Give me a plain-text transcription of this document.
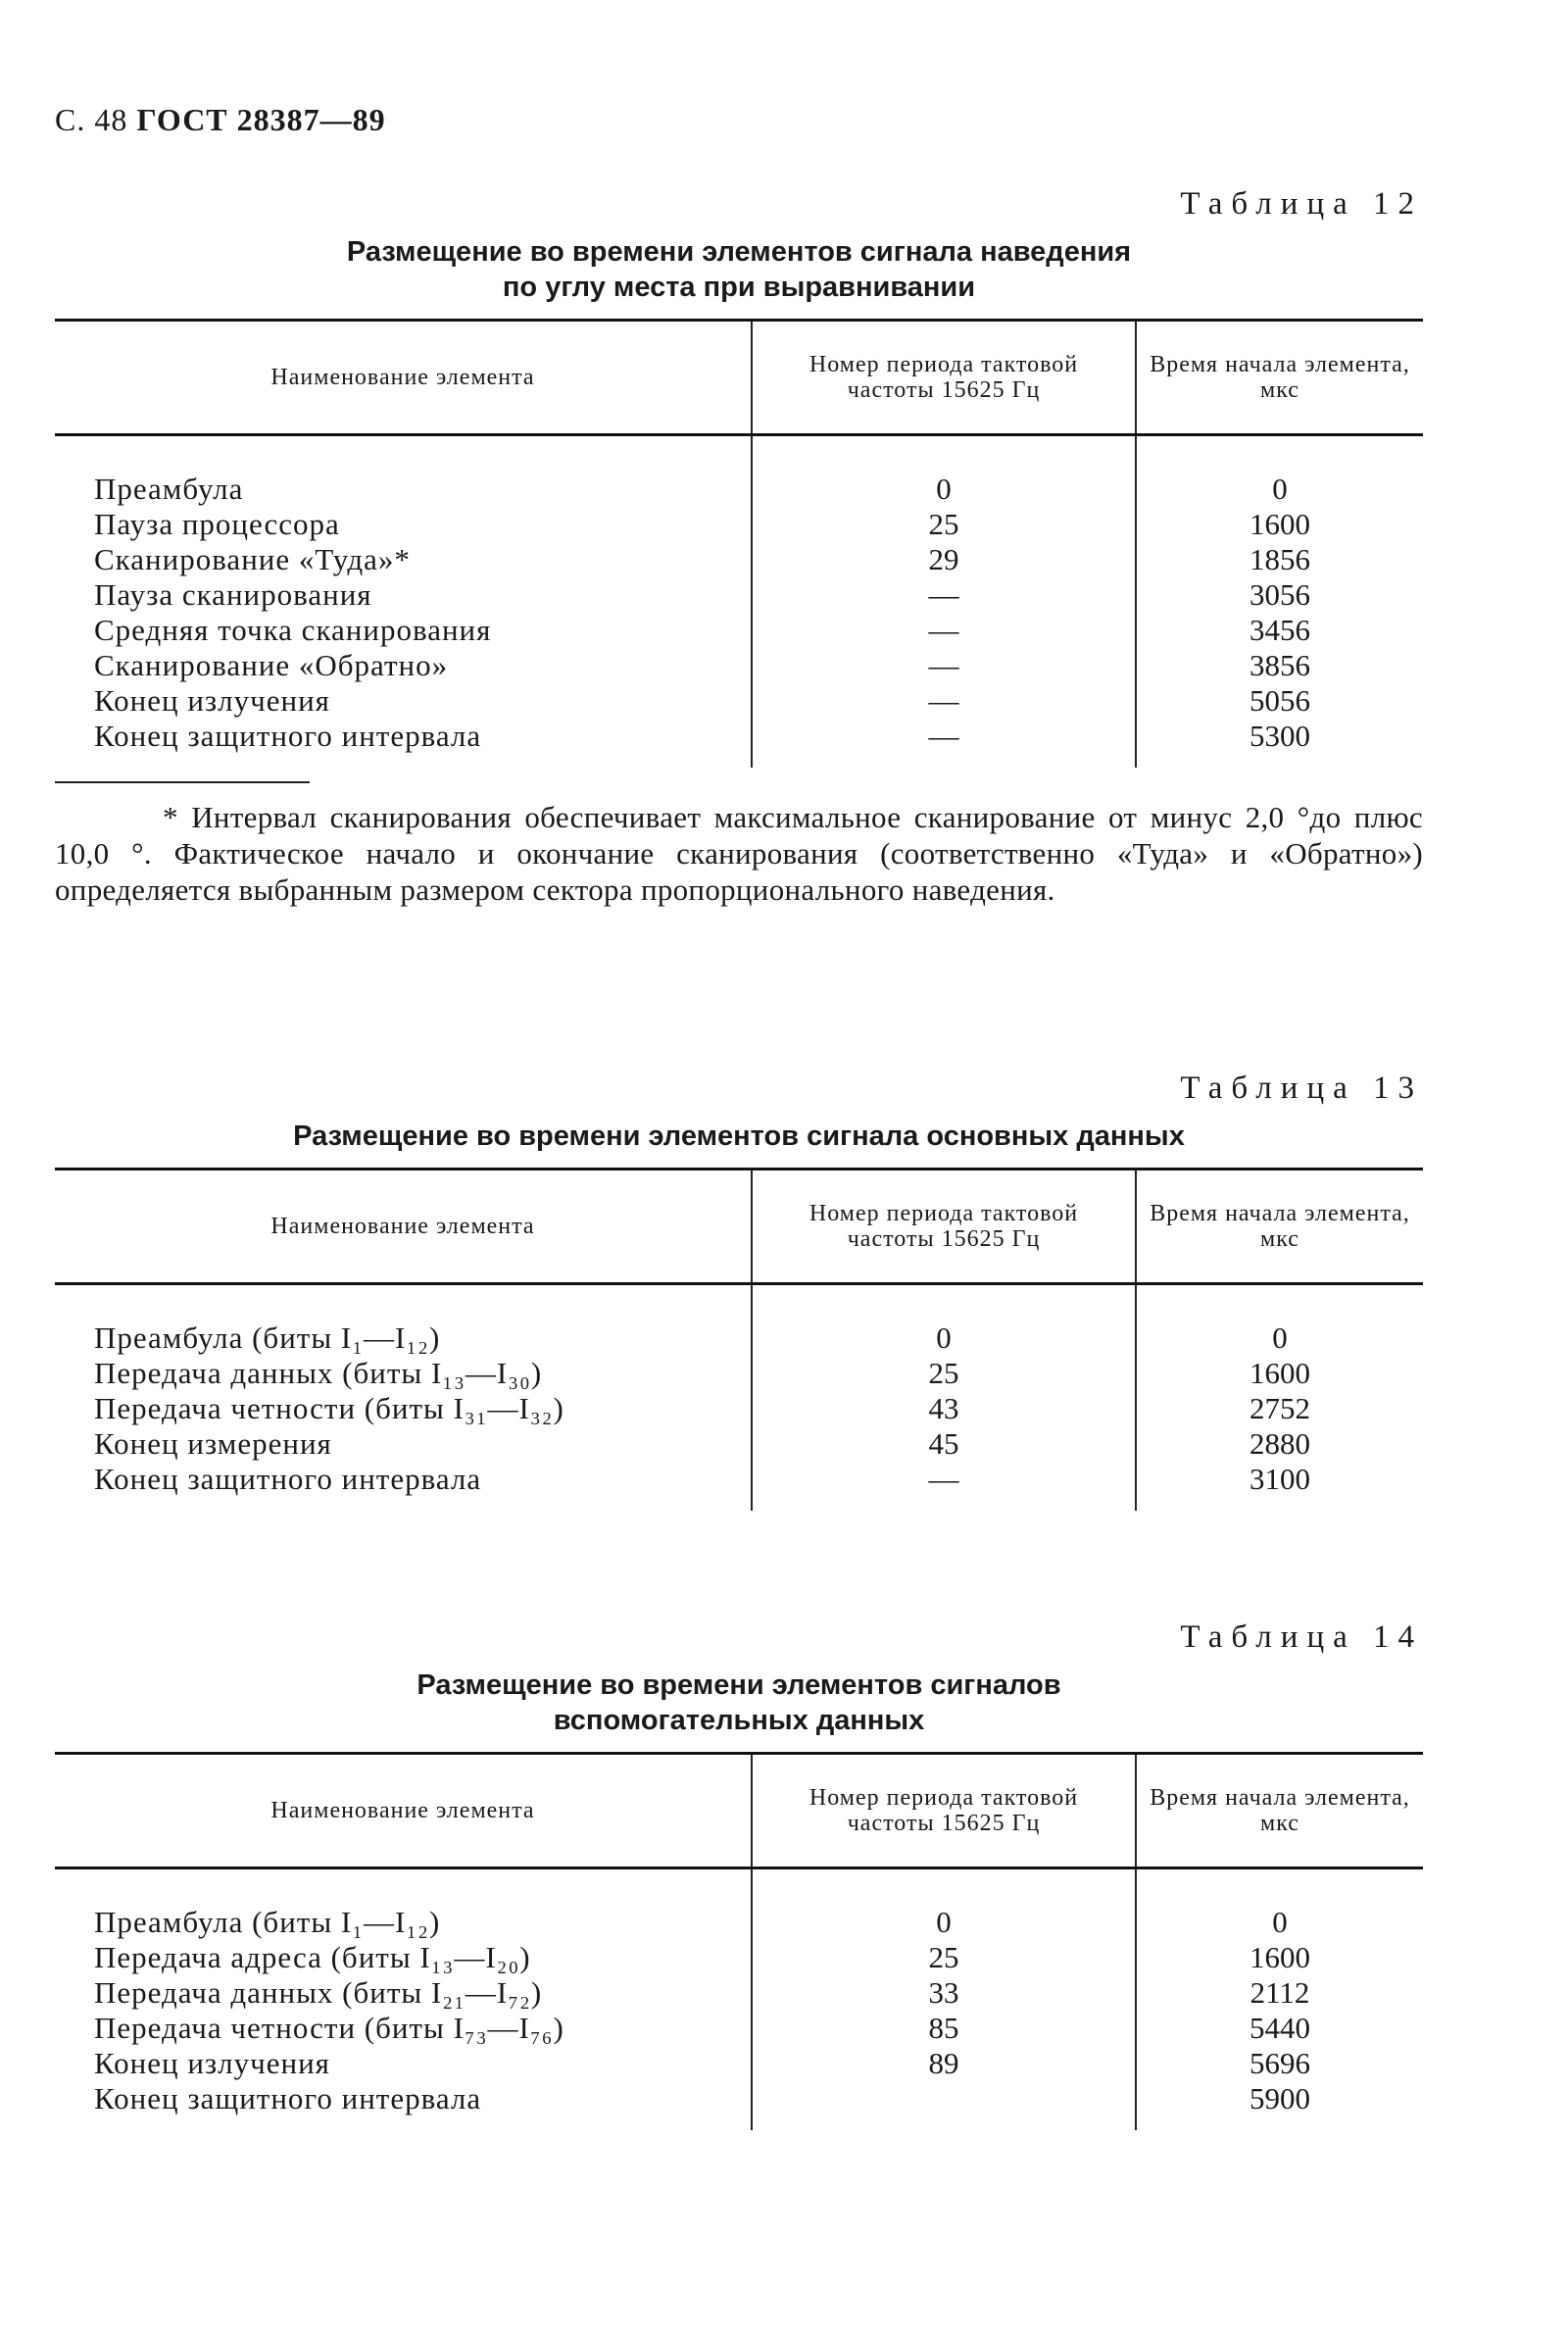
С. 48 ГОСТ 28387—89
Таблица 12
Размещение во времени элементов сигнала наведения
по углу места при выравнивании
Наименование элемента	Номер периода тактовой частоты 15625 Гц	Время начала элемента, мкс

Преамбула	0	0
Пауза процессора	25	1600
Сканирование «Туда»*	29	1856
Пауза сканирования	—	3056
Средняя точка сканирования	—	3456
Сканирование «Обратно»	—	3856
Конец излучения	—	5056
Конец защитного интервала	—	5300

* Интервал сканирования обеспечивает максимальное сканирование от минус 2,0 °до плюс 10,0 °. Фактическое начало и окончание сканирования (соответственно «Туда» и «Обратно») определяется выбранным размером сектора пропорционального наведения.
Таблица 13
Размещение во времени элементов сигнала основных данных
Наименование элемента	Номер периода тактовой частоты 15625 Гц	Время начала элемента, мкс

Преамбула (биты I₁—I₁₂)	0	0
Передача данных (биты I₁₃—I₃₀)	25	1600
Передача четности (биты I₃₁—I₃₂)	43	2752
Конец измерения	45	2880
Конец защитного интервала	—	3100

Таблица 14
Размещение во времени элементов сигналов
вспомогательных данных
Наименование элемента	Номер периода тактовой частоты 15625 Гц	Время начала элемента, мкс

Преамбула (биты I₁—I₁₂)	0	0
Передача адреса (биты I₁₃—I₂₀)	25	1600
Передача данных (биты I₂₁—I₇₂)	33	2112
Передача четности (биты I₇₃—I₇₆)	85	5440
Конец излучения	89	5696
Конец защитного интервала		5900
